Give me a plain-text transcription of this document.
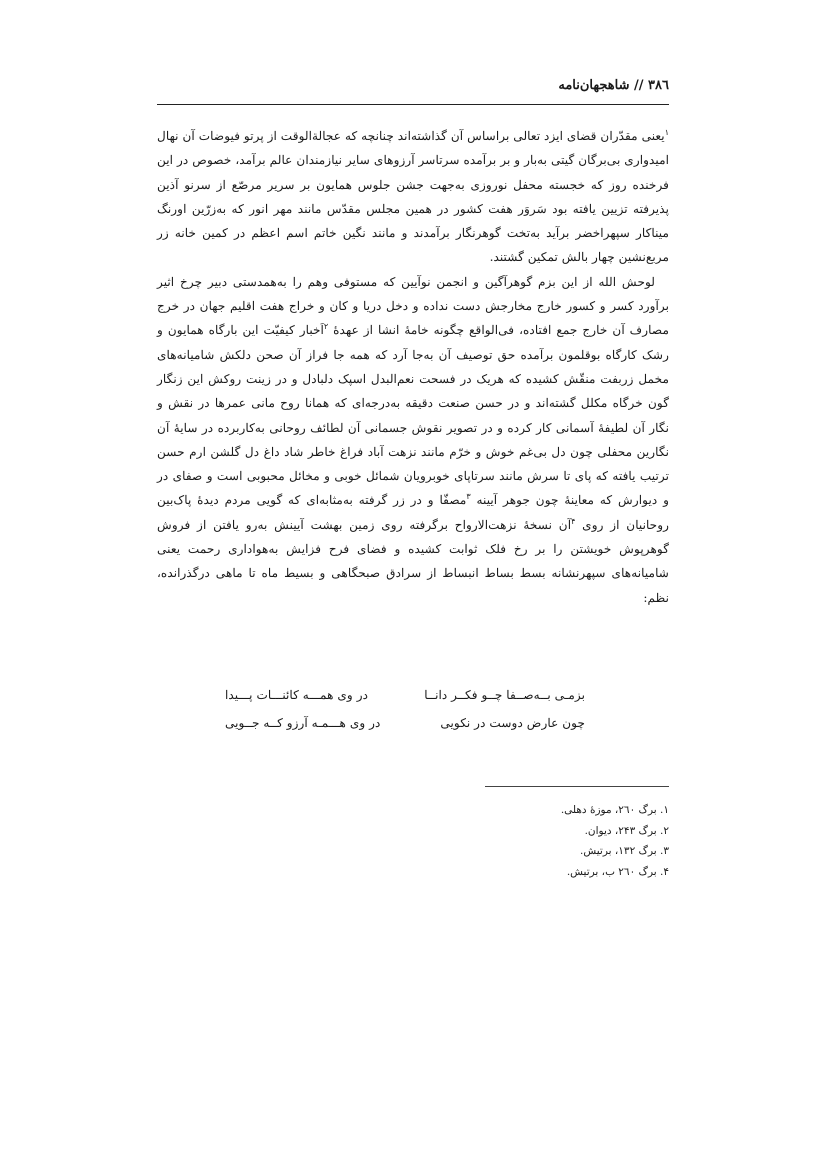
۳۸٦ // شاهجهان‌نامه

$^۱$یعنی مقدّران قضای ایزد تعالی براساس آن گذاشته‌اند چنانچه که عجالةالوقت از پرتو فیوضات آن نهال امیدواری بی‌برگان گیتی به‌بار و بر برآمده سرتاسر آرزوهای سایر نیازمندان عالم برآمد، خصوص در این فرخنده روز که خجسته محفل نوروزی به‌جهت جشن جلوس همایون بر سریر مرصّع از سرنو آذین پذیرفته تزیین یافته بود سَروَر هفت کشور در همین مجلس مقدّس مانند مهر انور که به‌زرّین اورنگ میناکار سپهراخضر برآید به‌تخت گوهرنگار برآمدند و مانند نگین خاتم اسم اعظم در کمین خانه زر مربع‌نشین چهار بالش تمکین گشتند.

لوحش الله از این بزم گوهرآگین و انجمن نوآیین که مستوفی وهم را به‌همدستی دبیر چرخ اثیر برآورد کسر و کسور خارج مخارجش دست نداده و دخل دریا و کان و خراج هفت اقلیم جهان در خرج مصارف آن خارج جمع افتاده، فی‌الواقع چگونه خامهٔ انشا از عهدهٔ $^۲$اَخبار کیفیّت این بارگاه همایون و رشک کارگاه بوقلمون برآمده حق توصیف آن به‌جا آرد که همه جا فراز آن صحن دلکش شامیانه‌های مخمل زربفت منقّش کشیده که هریک در فسحت نعم‌البدل اسپک دلبادل و در زینت روکش این زنگار گون خرگاه مکلل گشته‌اند و در حسن صنعت دقیقه به‌درجه‌ای که همانا روح مانی عمرها در نقش و نگار آن لطیفهٔ آسمانی کار کرده و در تصویر نقوش جسمانی آن لطائف روحانی به‌کاربرده در سایهٔ آن نگارین محفلی چون دل بی‌غم خوش و خرّم مانند نزهت آباد فراغ خاطر شاد داغ دل گلشن ارم حسن ترتیب یافته که پای تا سرش مانند سرتاپای خوبرویان شمائل خوبی و مخائل محبوبی است و صفای در و دیوارش که معاینهٔ چون جوهر آیینه $^۳$مصفّا و در زر گرفته به‌مثابه‌ای که گویی مردم دیدهٔ پاک‌بین روحانیان از روی $^۴$آن نسخهٔ نزهت‌الارواح برگرفته روی زمین بهشت آیینش به‌رو یافتن از فروش گوهرپوش خویشتن را بر رخ فلک ثوابت کشیده و فضای فرح فزایش به‌هواداری رحمت یعنی شامیانه‌های سپهرنشانه بسط بساط انبساط از سرادق صبحگاهی و بسیط ماه تا ماهی درگذرانده، نظم:

بزمـی بــه‌صــفا چــو فکــر دانــا
در وی همـــه کائنـــات پـــیدا
چون عارض دوست در نکویی
در وی هـــمـه آرزو کــه جــویی
۱. برگ ۲٦۰، موزهٔ دهلی.
۲. برگ ۲۴۳، دیوان.
۳. برگ ۱۳۲، برتیش.
۴. برگ ۲٦۰ ب، برتیش.
